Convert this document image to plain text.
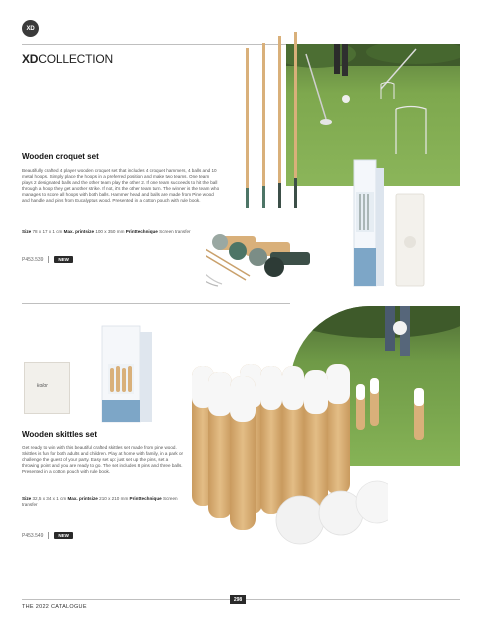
XD
XDCOLLECTION
Wooden croquet set
Beautifully crafted 4 player wooden croquet set that includes 4 croquet hammers, 4 balls and 10 metal hoops. Simply place the hoops in a preferred position and make two teams. One team plays 2 designated balls and the other team play the other 2. If one team succeeds to hit the ball through a hoop they get another strike. If not, it's the other team turn. The winner is the team who manages to score all hoops with both balls. Hammer head and balls are made from Pine wood and handle and pins from Eucalyptus wood. Presented in a cotton pouch with rule book.
Size 78 x 17 x 1 cm Max. printsize 100 x 350 mm Printtechnique Screen transfer
P453.539	NEW
kolor
Wooden skittles set
Get ready to win with this beautiful crafted skittles set made from pine wood. Skittles is fun for both adults and children. Play at home with family, in a park or challenge the guest of your party. Easy set up: just set up the pins, set a throwing point and you are ready to go. The set includes 8 pins and three balls. Presented in a cotton pouch with rule book.
Size 32,5 x 34 x 1 cm Max. printsize 210 x 210 mm Printtechnique Screen transfer
P453.549	NEW
298
THE 2022 CATALOGUE
